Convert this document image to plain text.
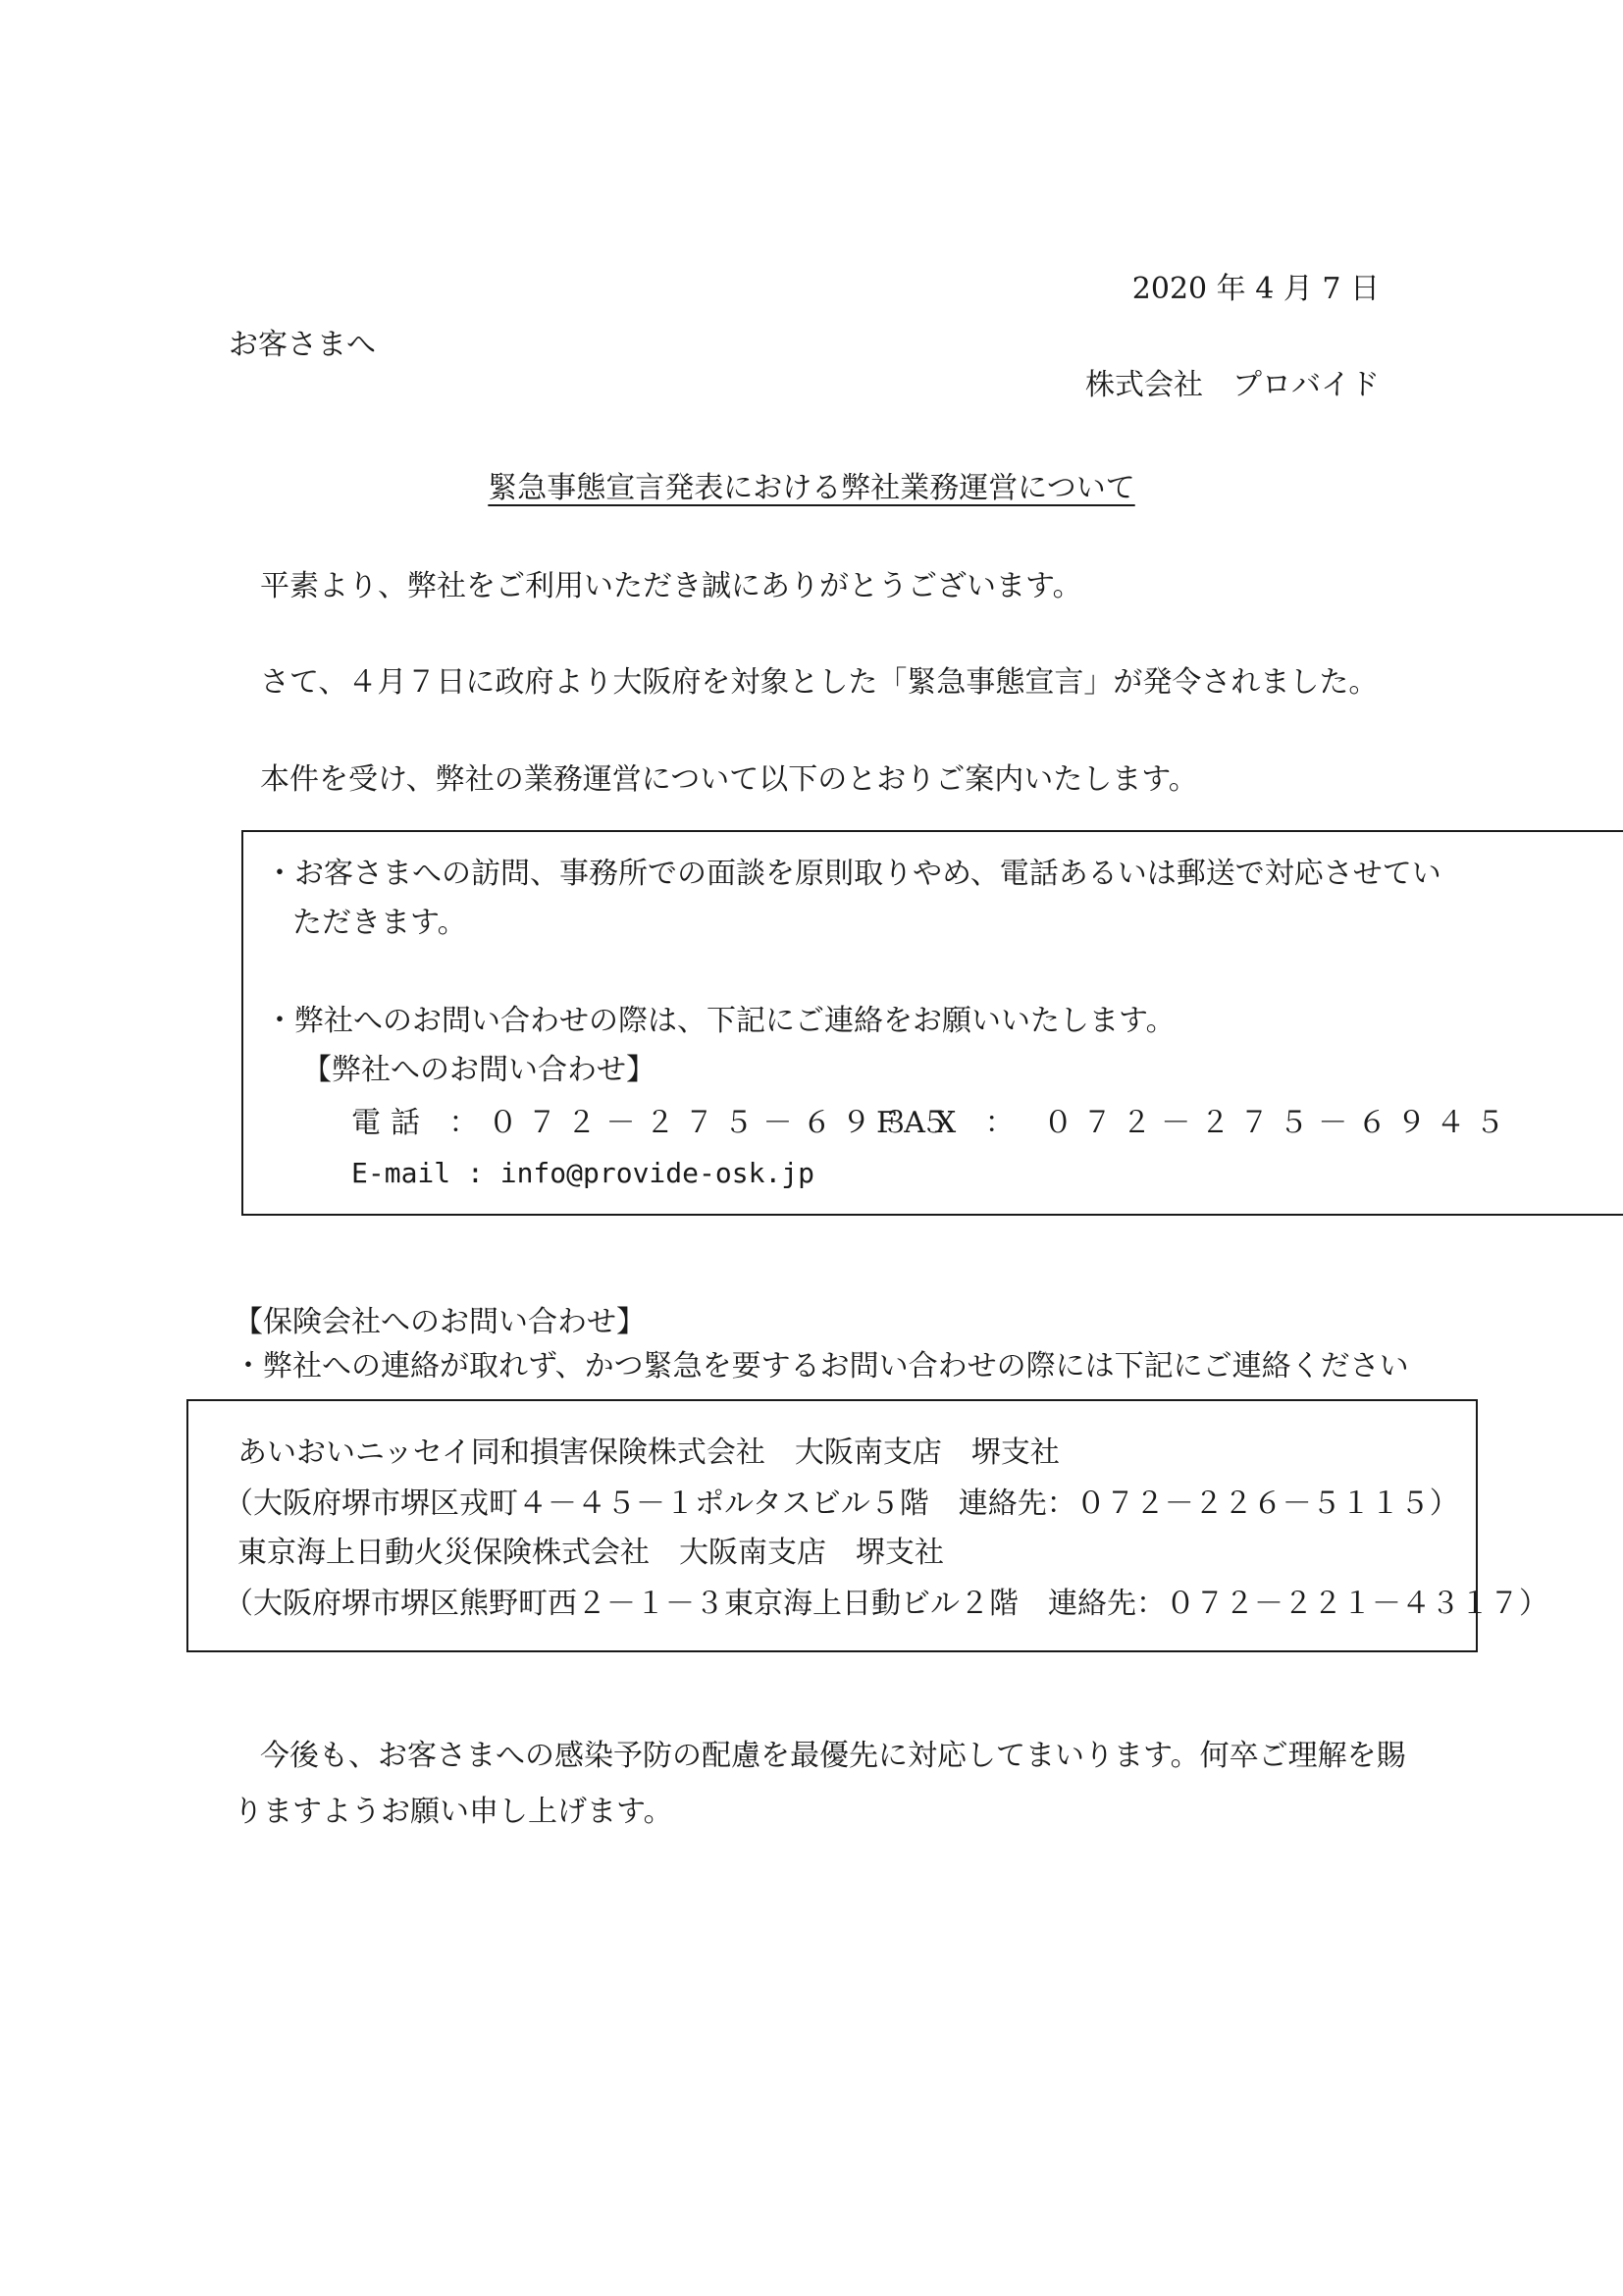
2020 年 4 月 7 日
お客さまへ
株式会社　プロバイド
緊急事態宣言発表における弊社業務運営について
平素より、弊社をご利用いただき誠にありがとうございます。
さて、４月７日に政府より大阪府を対象とした「緊急事態宣言」が発令されました。
本件を受け、弊社の業務運営について以下のとおりご案内いたします。
・お客さまへの訪問、事務所での面談を原則取りやめ、電話あるいは郵送で対応させてい
ただきます。
・弊社へのお問い合わせの際は、下記にご連絡をお願いいたします。
【弊社へのお問い合わせ】
電話 ：０７２－２７５－６９３５
FAX ： ０７２－２７５－６９４５
E-mail : info@provide-osk.jp
【保険会社へのお問い合わせ】
・弊社への連絡が取れず、かつ緊急を要するお問い合わせの際には下記にご連絡ください
あいおいニッセイ同和損害保険株式会社　大阪南支店　堺支社
（大阪府堺市堺区戎町４－４５－１ポルタスビル５階　連絡先：０７２－２２６－５１１５）
東京海上日動火災保険株式会社　大阪南支店　堺支社
（大阪府堺市堺区熊野町西２－１－３東京海上日動ビル２階　連絡先：０７２－２２１－４３１７）
今後も、お客さまへの感染予防の配慮を最優先に対応してまいります。何卒ご理解を賜
りますようお願い申し上げます。
